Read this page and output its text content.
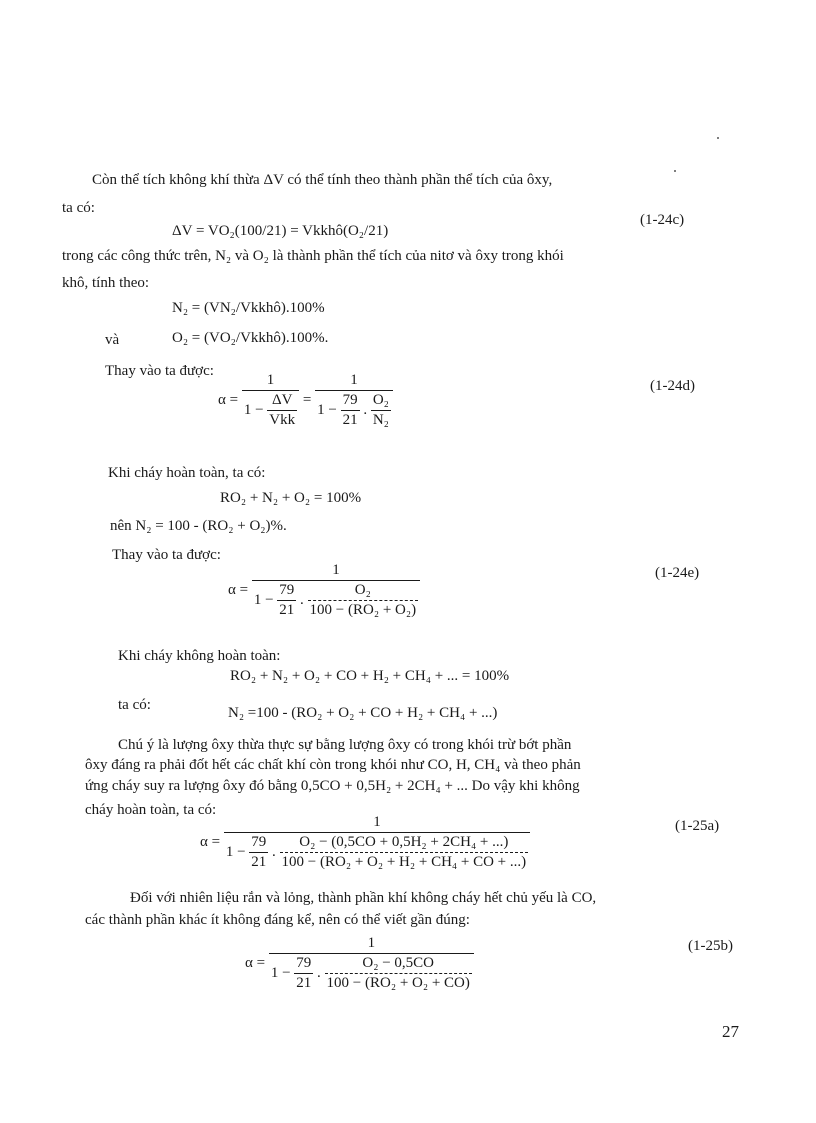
Còn thể tích không khí thừa ΔV có thể tính theo thành phần thể tích của ôxy,
ta có:
ΔV = VO₂(100/21) = Vkkhô(O₂/21)
(1-24c)
trong các công thức trên, N₂ và O₂ là thành phần thể tích của nitơ và ôxy trong khói
khô, tính theo:
N₂ = (VN₂/Vkkhô).100%
và	O₂ = (VO₂/Vkkhô).100%.
Thay vào ta được:
$\alpha = \frac{1}{1 - \frac{\Delta V}{\text{Vkk}}}$ =
1
$1 - \frac{79}{21}$ . $\frac{\text{O₂}}{\text{N₂}}$
(1-24d)
Khi cháy hoàn toàn, ta có:
RO₂ + N₂ + O₂ = 100%
nên N₂ = 100 - (RO₂ + O₂)%.
Thay vào ta được:
α =
1
$1 - \frac{79}{21}$ . $\frac{\text{O₂}}{\text{100 − (RO₂ + O₂)}}$
(1-24e)
Khi cháy không hoàn toàn:
RO₂ + N₂ + O₂ + CO + H₂ + CH₄ + ... = 100%
ta có:	N₂ =100 - (RO₂ + O₂ + CO + H₂ + CH₄ + ...)
Chú ý là lượng ôxy thừa thực sự bằng lượng ôxy có trong khói trừ bớt phần
ôxy đáng ra phải đốt hết các chất khí còn trong khói như CO, H, CH₄ và theo phản
ứng cháy suy ra lượng ôxy đó bằng 0,5CO + 0,5H₂ + 2CH₄ + ... Do vậy khi không
cháy hoàn toàn, ta có:
α =
1
$1 - \frac{79}{21}$ . $\frac{\text{O₂ − (0,5CO + 0,5H₂ + 2CH₄ + ...)}}{\text{100 − (RO₂ + O₂ + H₂ + CH₄ + CO + ...)}}$
(1-25a)
Đối với nhiên liệu rắn và lỏng, thành phần khí không cháy hết chủ yếu là CO,
các thành phần khác ít không đáng kể, nên có thể viết gần đúng:
α =
1
$1 - \frac{79}{21}$ . $\frac{\text{O₂ − 0,5CO}}{\text{100 − (RO₂ + O₂ + CO)}}$
(1-25b)
27
